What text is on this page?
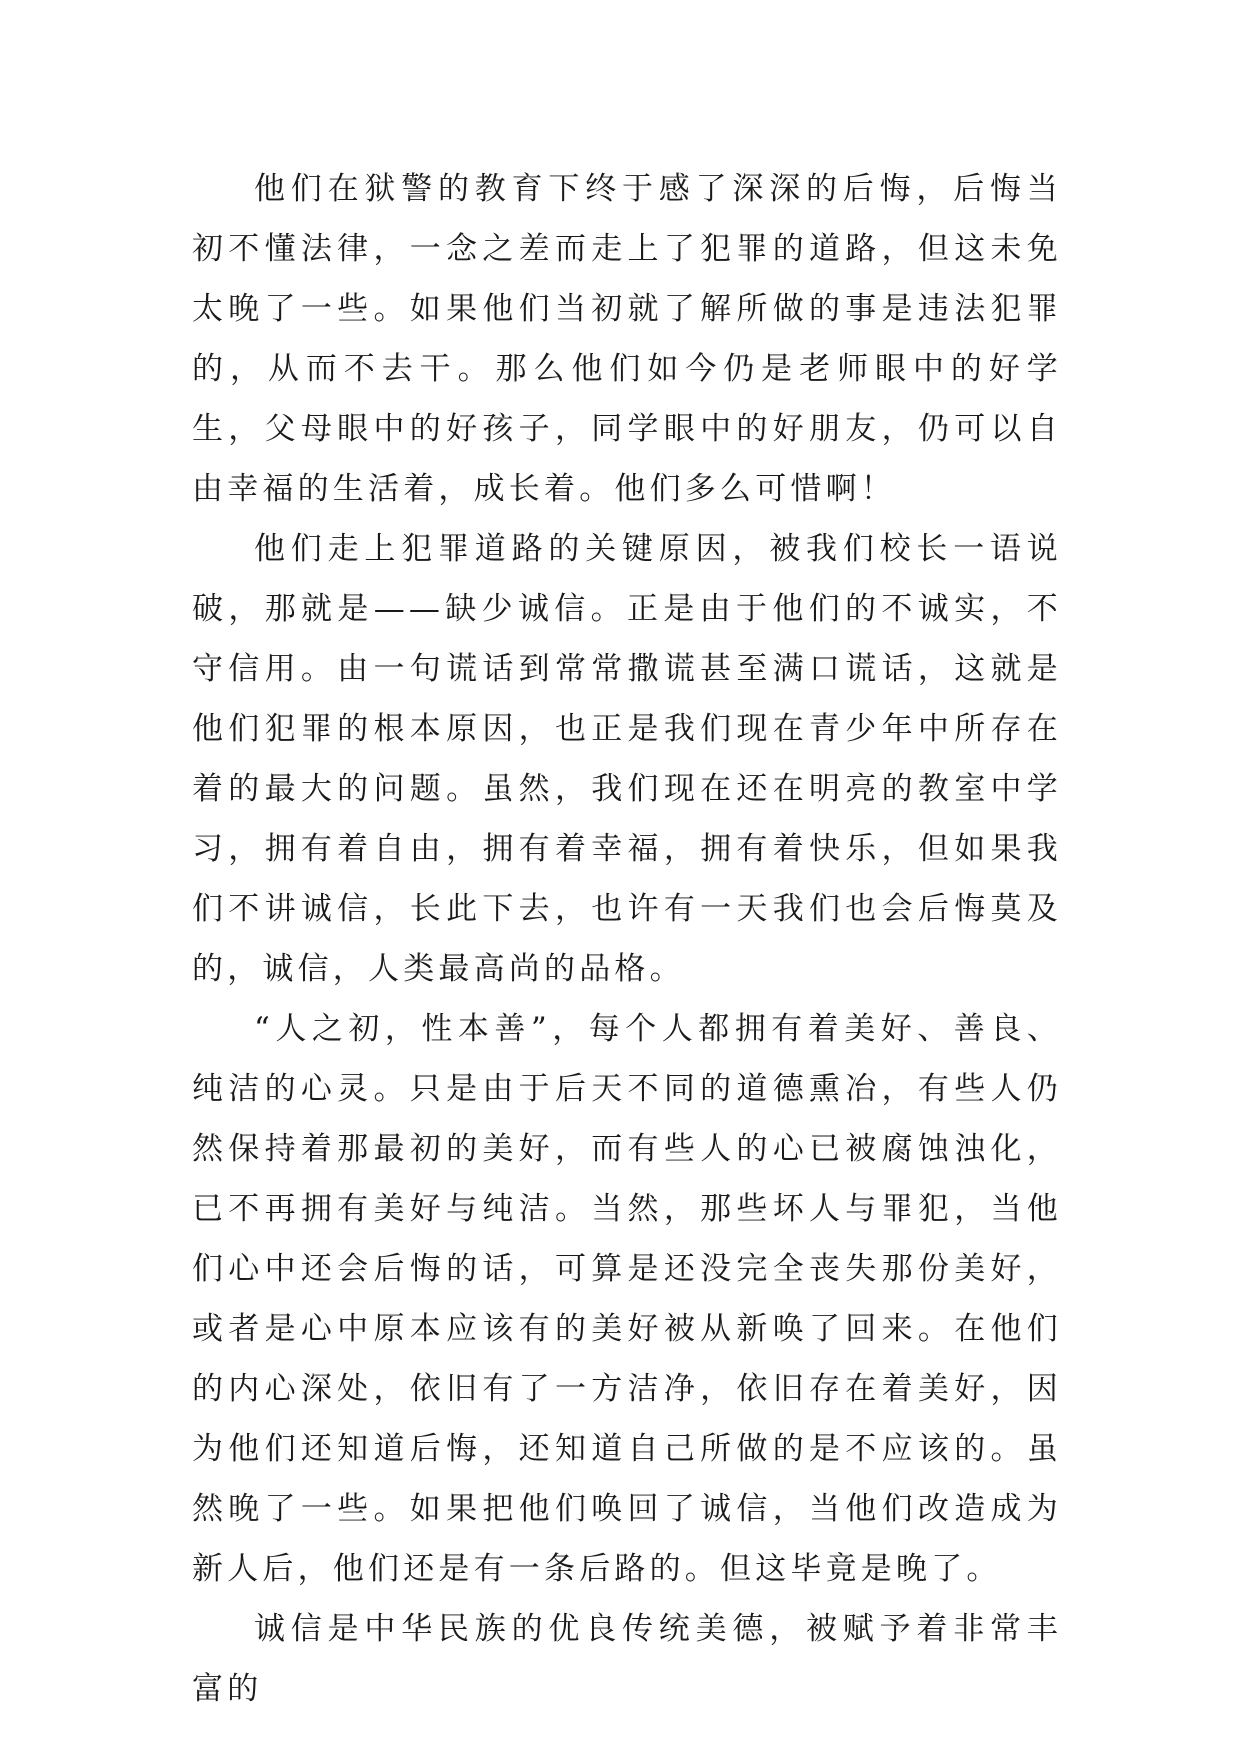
他们在狱警的教育下终于感了深深的后悔，后悔当初不懂法律，一念之差而走上了犯罪的道路，但这未免太晚了一些。如果他们当初就了解所做的事是违法犯罪的，从而不去干。那么他们如今仍是老师眼中的好学生，父母眼中的好孩子，同学眼中的好朋友，仍可以自由幸福的生活着，成长着。他们多么可惜啊！

他们走上犯罪道路的关键原因，被我们校长一语说破，那就是——缺少诚信。正是由于他们的不诚实，不守信用。由一句谎话到常常撒谎甚至满口谎话，这就是他们犯罪的根本原因，也正是我们现在青少年中所存在着的最大的问题。虽然，我们现在还在明亮的教室中学习，拥有着自由，拥有着幸福，拥有着快乐，但如果我们不讲诚信，长此下去，也许有一天我们也会后悔莫及的，诚信，人类最高尚的品格。

“人之初，性本善”，每个人都拥有着美好、善良、纯洁的心灵。只是由于后天不同的道德熏冶，有些人仍然保持着那最初的美好，而有些人的心已被腐蚀浊化，已不再拥有美好与纯洁。当然，那些坏人与罪犯，当他们心中还会后悔的话，可算是还没完全丧失那份美好，或者是心中原本应该有的美好被从新唤了回来。在他们的内心深处，依旧有了一方洁净，依旧存在着美好，因为他们还知道后悔，还知道自己所做的是不应该的。虽然晚了一些。如果把他们唤回了诚信，当他们改造成为新人后，他们还是有一条后路的。但这毕竟是晚了。

诚信是中华民族的优良传统美德，被赋予着非常丰富的
